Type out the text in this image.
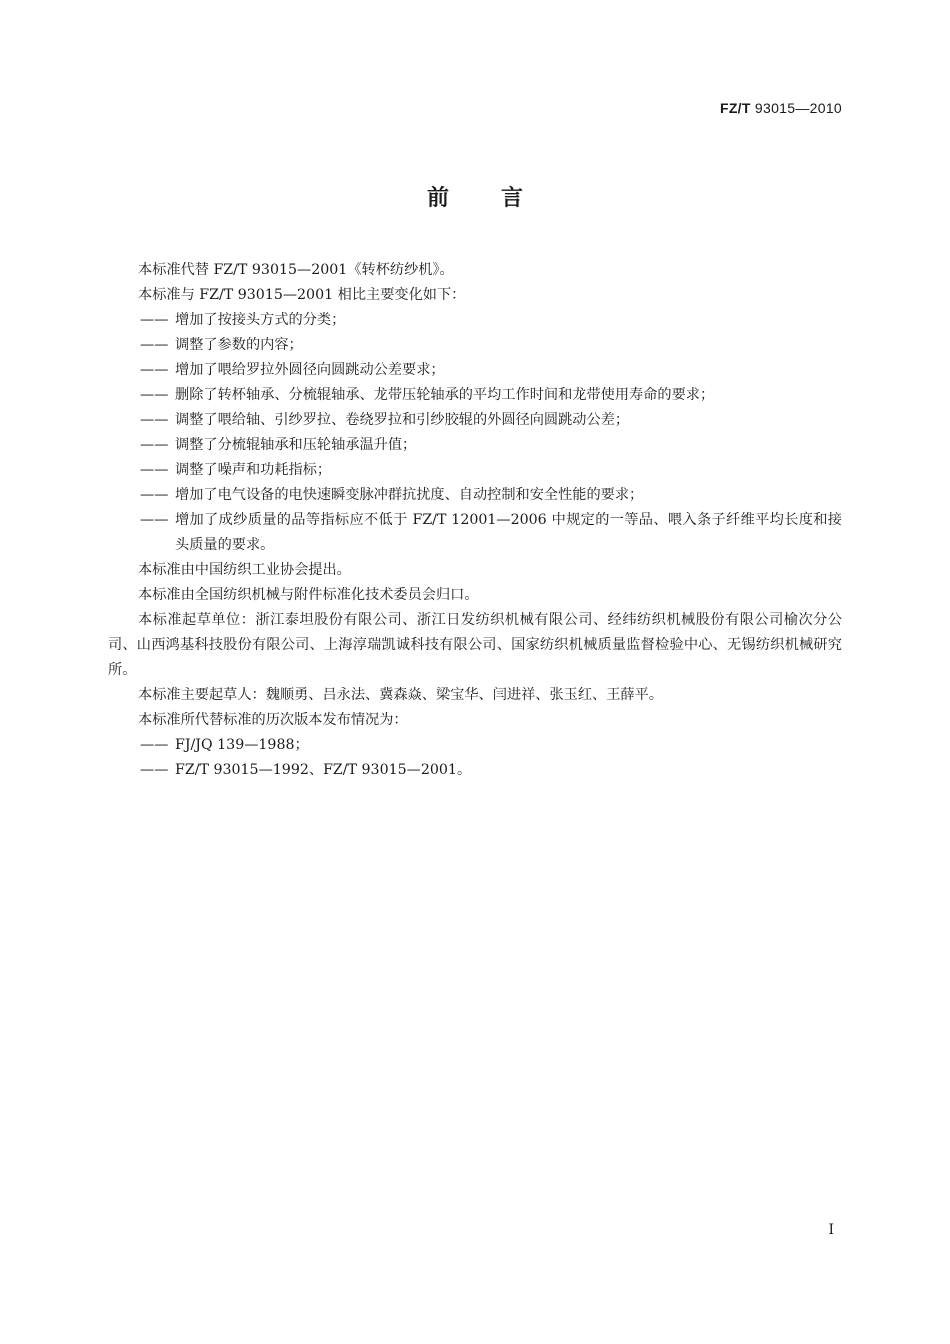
FZ/T 93015—2010
前言

本标准代替 FZ/T 93015—2001《转杯纺纱机》。

本标准与 FZ/T 93015—2001 相比主要变化如下：

—— 增加了按接头方式的分类；

—— 调整了参数的内容；

—— 增加了喂给罗拉外圆径向圆跳动公差要求；

—— 删除了转杯轴承、分梳辊轴承、龙带压轮轴承的平均工作时间和龙带使用寿命的要求；

—— 调整了喂给轴、引纱罗拉、卷绕罗拉和引纱胶辊的外圆径向圆跳动公差；

—— 调整了分梳辊轴承和压轮轴承温升值；

—— 调整了噪声和功耗指标；

—— 增加了电气设备的电快速瞬变脉冲群抗扰度、自动控制和安全性能的要求；

—— 增加了成纱质量的品等指标应不低于 FZ/T 12001—2006 中规定的一等品、喂入条子纤维平均长度和接头质量的要求。

本标准由中国纺织工业协会提出。

本标准由全国纺织机械与附件标准化技术委员会归口。

本标准起草单位：浙江泰坦股份有限公司、浙江日发纺织机械有限公司、经纬纺织机械股份有限公司榆次分公司、山西鸿基科技股份有限公司、上海淳瑞凯诚科技有限公司、国家纺织机械质量监督检验中心、无锡纺织机械研究所。

本标准主要起草人：魏顺勇、吕永法、冀森焱、梁宝华、闫进祥、张玉红、王薛平。

本标准所代替标准的历次版本发布情况为：

—— FJ/JQ 139—1988；

—— FZ/T 93015—1992、FZ/T 93015—2001。

I
